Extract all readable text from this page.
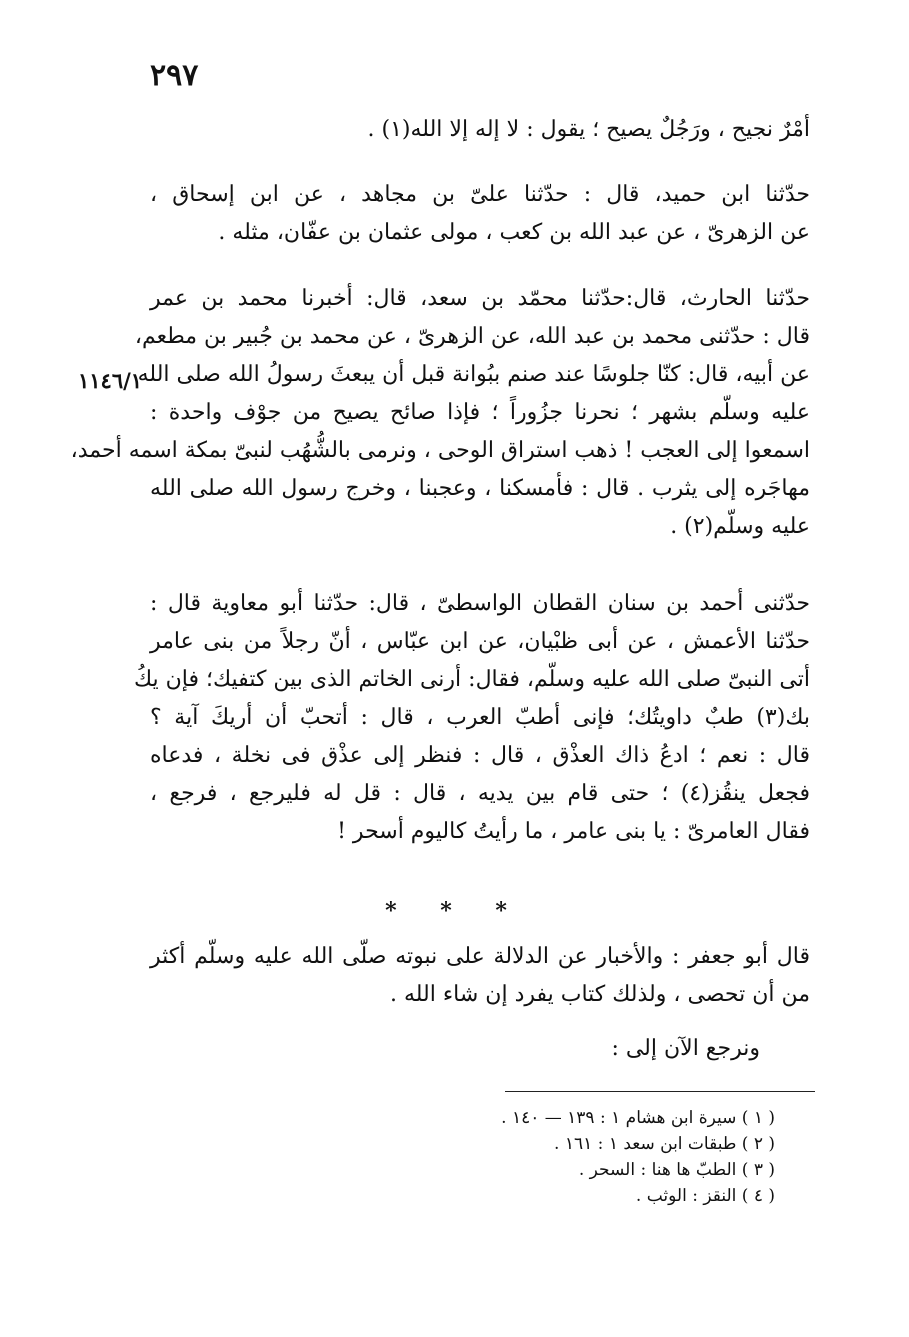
٢٩٧
١١٤٦/١
أمْرٌ نجيح ، ورَجُلٌ يصيح ؛ يقول : لا إله إلا الله(١) .
حدّثنا ابن حميد، قال : حدّثنا علىّ بن مجاهد ، عن ابن إسحاق ،
عن الزهرىّ ، عن عبد الله بن كعب ، مولى عثمان بن عفّان، مثله .
حدّثنا الحارث، قال:حدّثنا محمّد بن سعد، قال: أخبرنا محمد بن عمر
قال : حدّثنى محمد بن عبد الله، عن الزهرىّ ، عن محمد بن جُبير بن مطعم،
عن أبيه، قال: كنّا جلوسًا عند صنم ببُوانة قبل أن يبعثَ رسولُ الله صلى الله
عليه وسلّم بشهر ؛ نحرنا جزُوراً ؛ فإذا صائح يصيح من جوْف واحدة :
اسمعوا إلى العجب ! ذهب استراق الوحى ، ونرمى بالشُّهُب لنبىّ بمكة اسمه أحمد،
مهاجَره إلى يثرب . قال : فأمسكنا ، وعجبنا ، وخرج رسول الله صلى الله
عليه وسلّم(٢) .
حدّثنى أحمد بن سنان القطان الواسطىّ ، قال: حدّثنا أبو معاوية قال :
حدّثنا الأعمش ، عن أبى ظبْيان، عن ابن عبّاس ، أنّ رجلاً من بنى عامر
أتى النبىّ صلى الله عليه وسلّم، فقال: أرنى الخاتم الذى بين كتفيك؛ فإن يكُ
بك(٣) طبٌ داويتُك؛ فإنى أطبّ العرب ، قال : أتحبّ أن أريكَ آية ؟
قال : نعم ؛ ادعُ ذاك العذْق ، قال : فنظر إلى عذْق فى نخلة ، فدعاه
فجعل ينقُز(٤) ؛ حتى قام بين يديه ، قال : قل له فليرجع ، فرجع ،
فقال العامرىّ : يا بنى عامر ، ما رأيتُ كاليوم أسحر !
* * *
قال أبو جعفر : والأخبار عن الدلالة على نبوته صلّى الله عليه وسلّم أكثر
من أن تحصى ، ولذلك كتاب يفرد إن شاء الله .
ونرجع الآن إلى :
( ١ ) سيرة ابن هشام ١ : ١٣٩ — ١٤٠ .
( ٢ ) طبقات ابن سعد ١ : ١٦١ .
( ٣ ) الطبّ ها هنا : السحر .
( ٤ ) النقز : الوثب .
